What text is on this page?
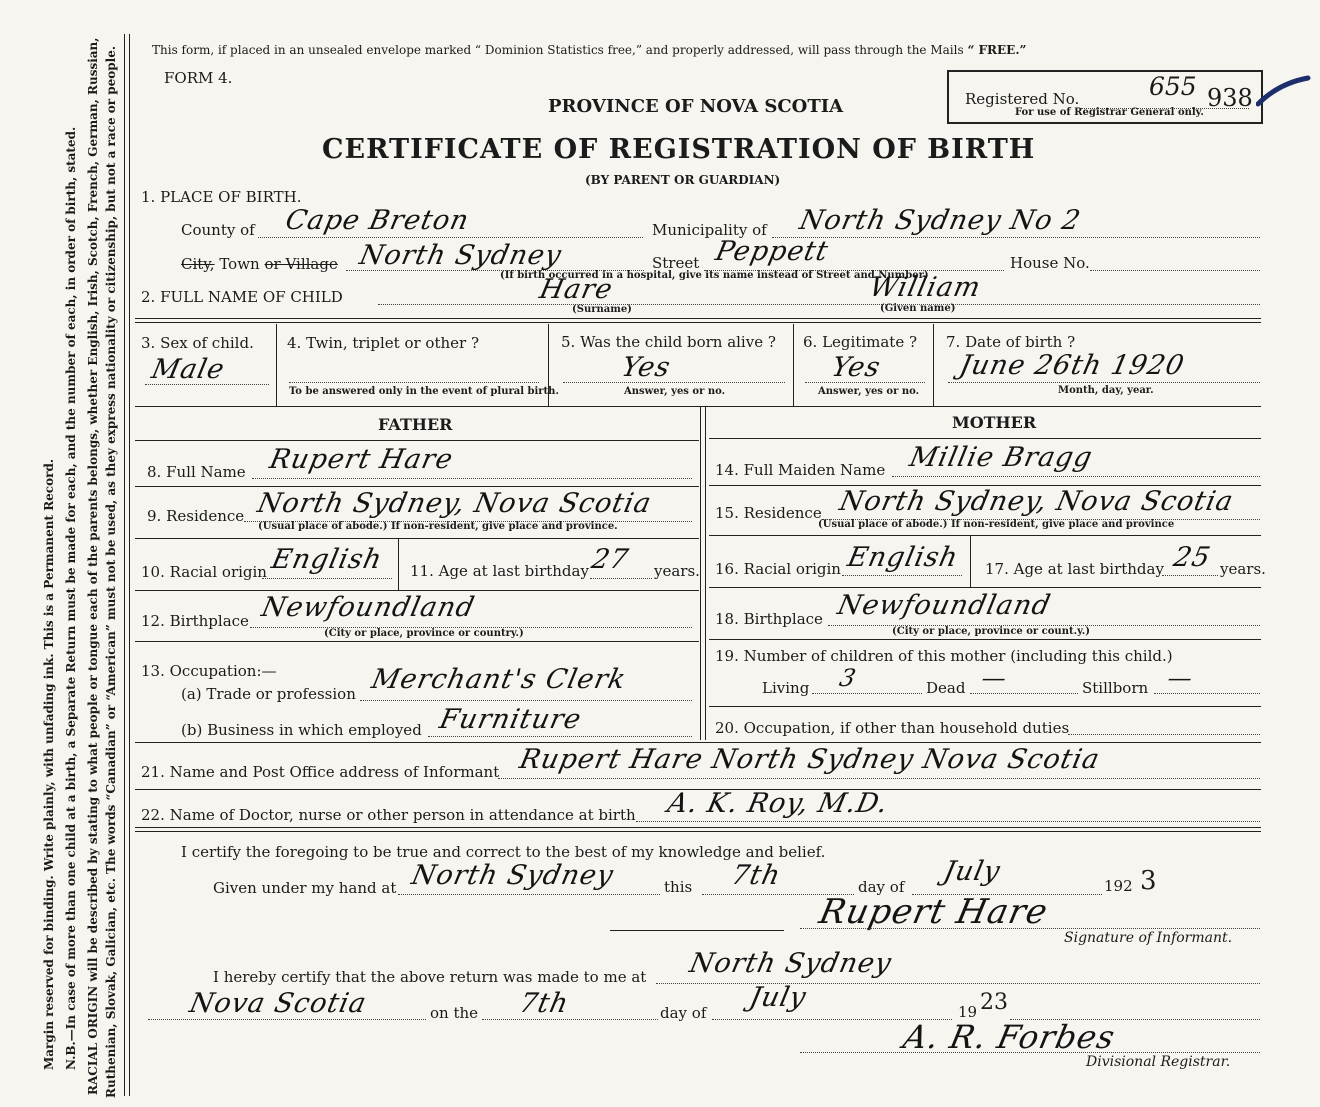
Margin reserved for binding. Write plainly, with unfading ink. This is a Permanent Record. N.B.—In case of more than one child at a birth, a Separate Return must be made for each, and the number of each, in order of birth, stated. RACIAL ORIGIN will be described by stating to what people or tongue each of the parents belongs, whether English, Irish, Scotch, French, German, Russian, Ruthenian, Slovak, Galician, etc. The words “Canadian” or “American” must not be used, as they express nationality or citizenship, but not a race or people.	This form, if placed in an unsealed envelope marked “ Dominion Statistics free,” and properly addressed, will pass through the Mails “ FREE.”
FORM 4.
PROVINCE OF NOVA SCOTIA
CERTIFICATE OF REGISTRATION OF BIRTH
(BY PARENT OR GUARDIAN)
Registered No.	655 938
For use of Registrar General only.
1. PLACE OF BIRTH.
County of Cape Breton	Municipality of North Sydney No 2
City, Town or Village North Sydney	Street Peppett	House No.
(If birth occurred in a hospital, give its name instead of Street and Number)
2. FULL NAME OF CHILD	Hare
(Surname)
William
(Given name)
3. Sex of child.
Male
4. Twin, triplet or other ?
To be answered only in the event of plural birth.
5. Was the child born alive ?
Yes
Answer, yes or no.
6. Legitimate ?
Yes
Answer, yes or no.
7. Date of birth ?
June 26th 1920
Month, day, year.
FATHER	MOTHER
8. Full Name Rupert Hare
9. Residence North Sydney, Nova Scotia
(Usual place of abode.) If non-resident, give place and province.
10. Racial origin English 11. Age at last birthday 27 years.
12. Birthplace Newfoundland
(City or place, province or country.)
13. Occupation:—
(a) Trade or profession Merchant's Clerk
(b) Business in which employed Furniture
14. Full Maiden Name Millie Bragg
15. Residence North Sydney, Nova Scotia
(Usual place of abode.) If non-resident, give place and province
16. Racial origin English 17. Age at last birthday 25 years.
18. Birthplace Newfoundland
(City or place, province or count.y.)
19. Number of children of this mother (including this child.)
Living 3	Dead —	Stillborn —
20. Occupation, if other than household duties
21. Name and Post Office address of Informant Rupert Hare North Sydney Nova Scotia
22. Name of Doctor, nurse or other person in attendance at birth A. K. Roy, M.D.
I certify the foregoing to be true and correct to the best of my knowledge and belief.
Given under my hand at North Sydney	this 7th	day of July	192 3
Rupert Hare
Signature of Informant.
I hereby certify that the above return was made to me at North Sydney
Nova Scotia	on the 7th	day of July	19 23
A. R. Forbes
Divisional Registrar.
